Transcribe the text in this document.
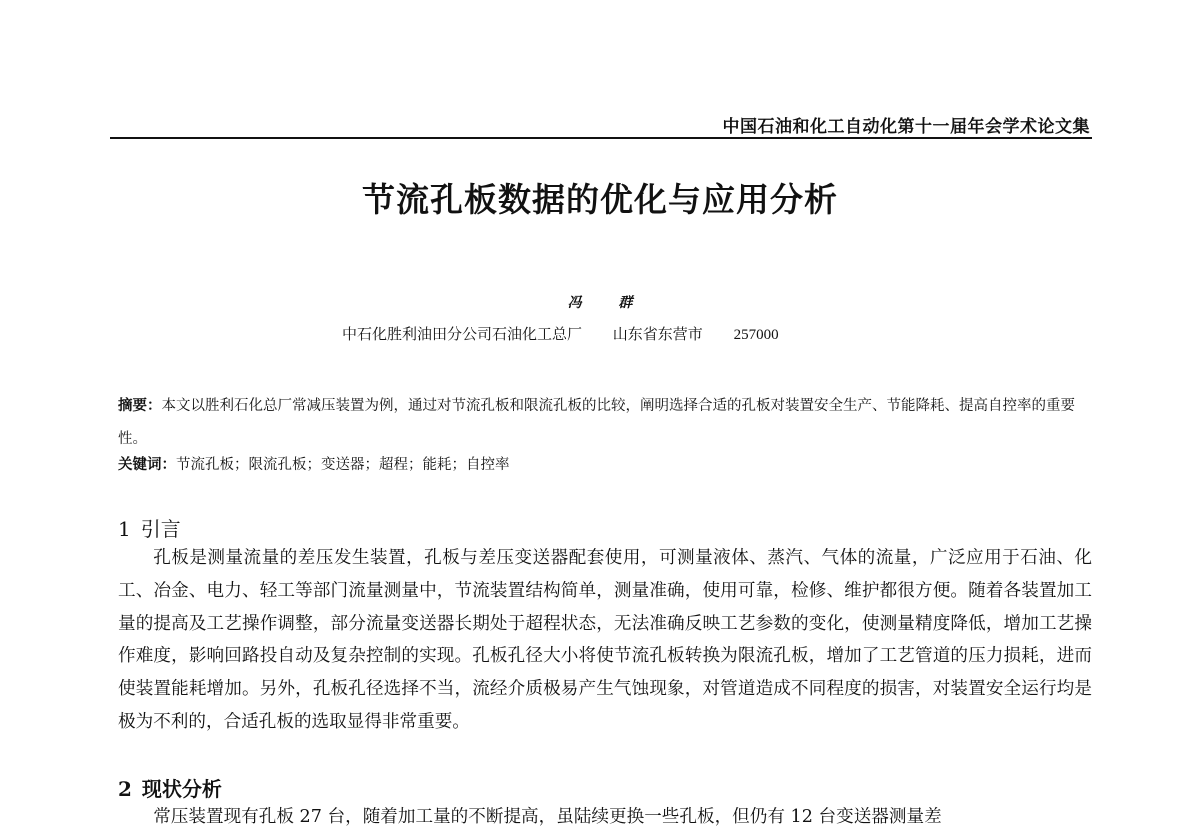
中国石油和化工自动化第十一届年会学术论文集
节流孔板数据的优化与应用分析
冯 群
中石化胜利油田分公司石油化工总厂 山东省东营市 257000
摘要：本文以胜利石化总厂常减压装置为例，通过对节流孔板和限流孔板的比较，阐明选择合适的孔板对装置安全生产、节能降耗、提高自控率的重要性。
关键词：节流孔板；限流孔板；变送器；超程；能耗；自控率
1 引言
孔板是测量流量的差压发生装置，孔板与差压变送器配套使用，可测量液体、蒸汽、气体的流量，广泛应用于石油、化工、冶金、电力、轻工等部门流量测量中，节流装置结构简单，测量准确，使用可靠，检修、维护都很方便。随着各装置加工量的提高及工艺操作调整，部分流量变送器长期处于超程状态，无法准确反映工艺参数的变化，使测量精度降低，增加工艺操作难度，影响回路投自动及复杂控制的实现。孔板孔径大小将使节流孔板转换为限流孔板，增加了工艺管道的压力损耗，进而使装置能耗增加。另外，孔板孔径选择不当，流经介质极易产生气蚀现象，对管道造成不同程度的损害，对装置安全运行均是极为不利的，合适孔板的选取显得非常重要。
2 现状分析
常压装置现有孔板 27 台，随着加工量的不断提高，虽陆续更换一些孔板，但仍有 12 台变送器测量差
